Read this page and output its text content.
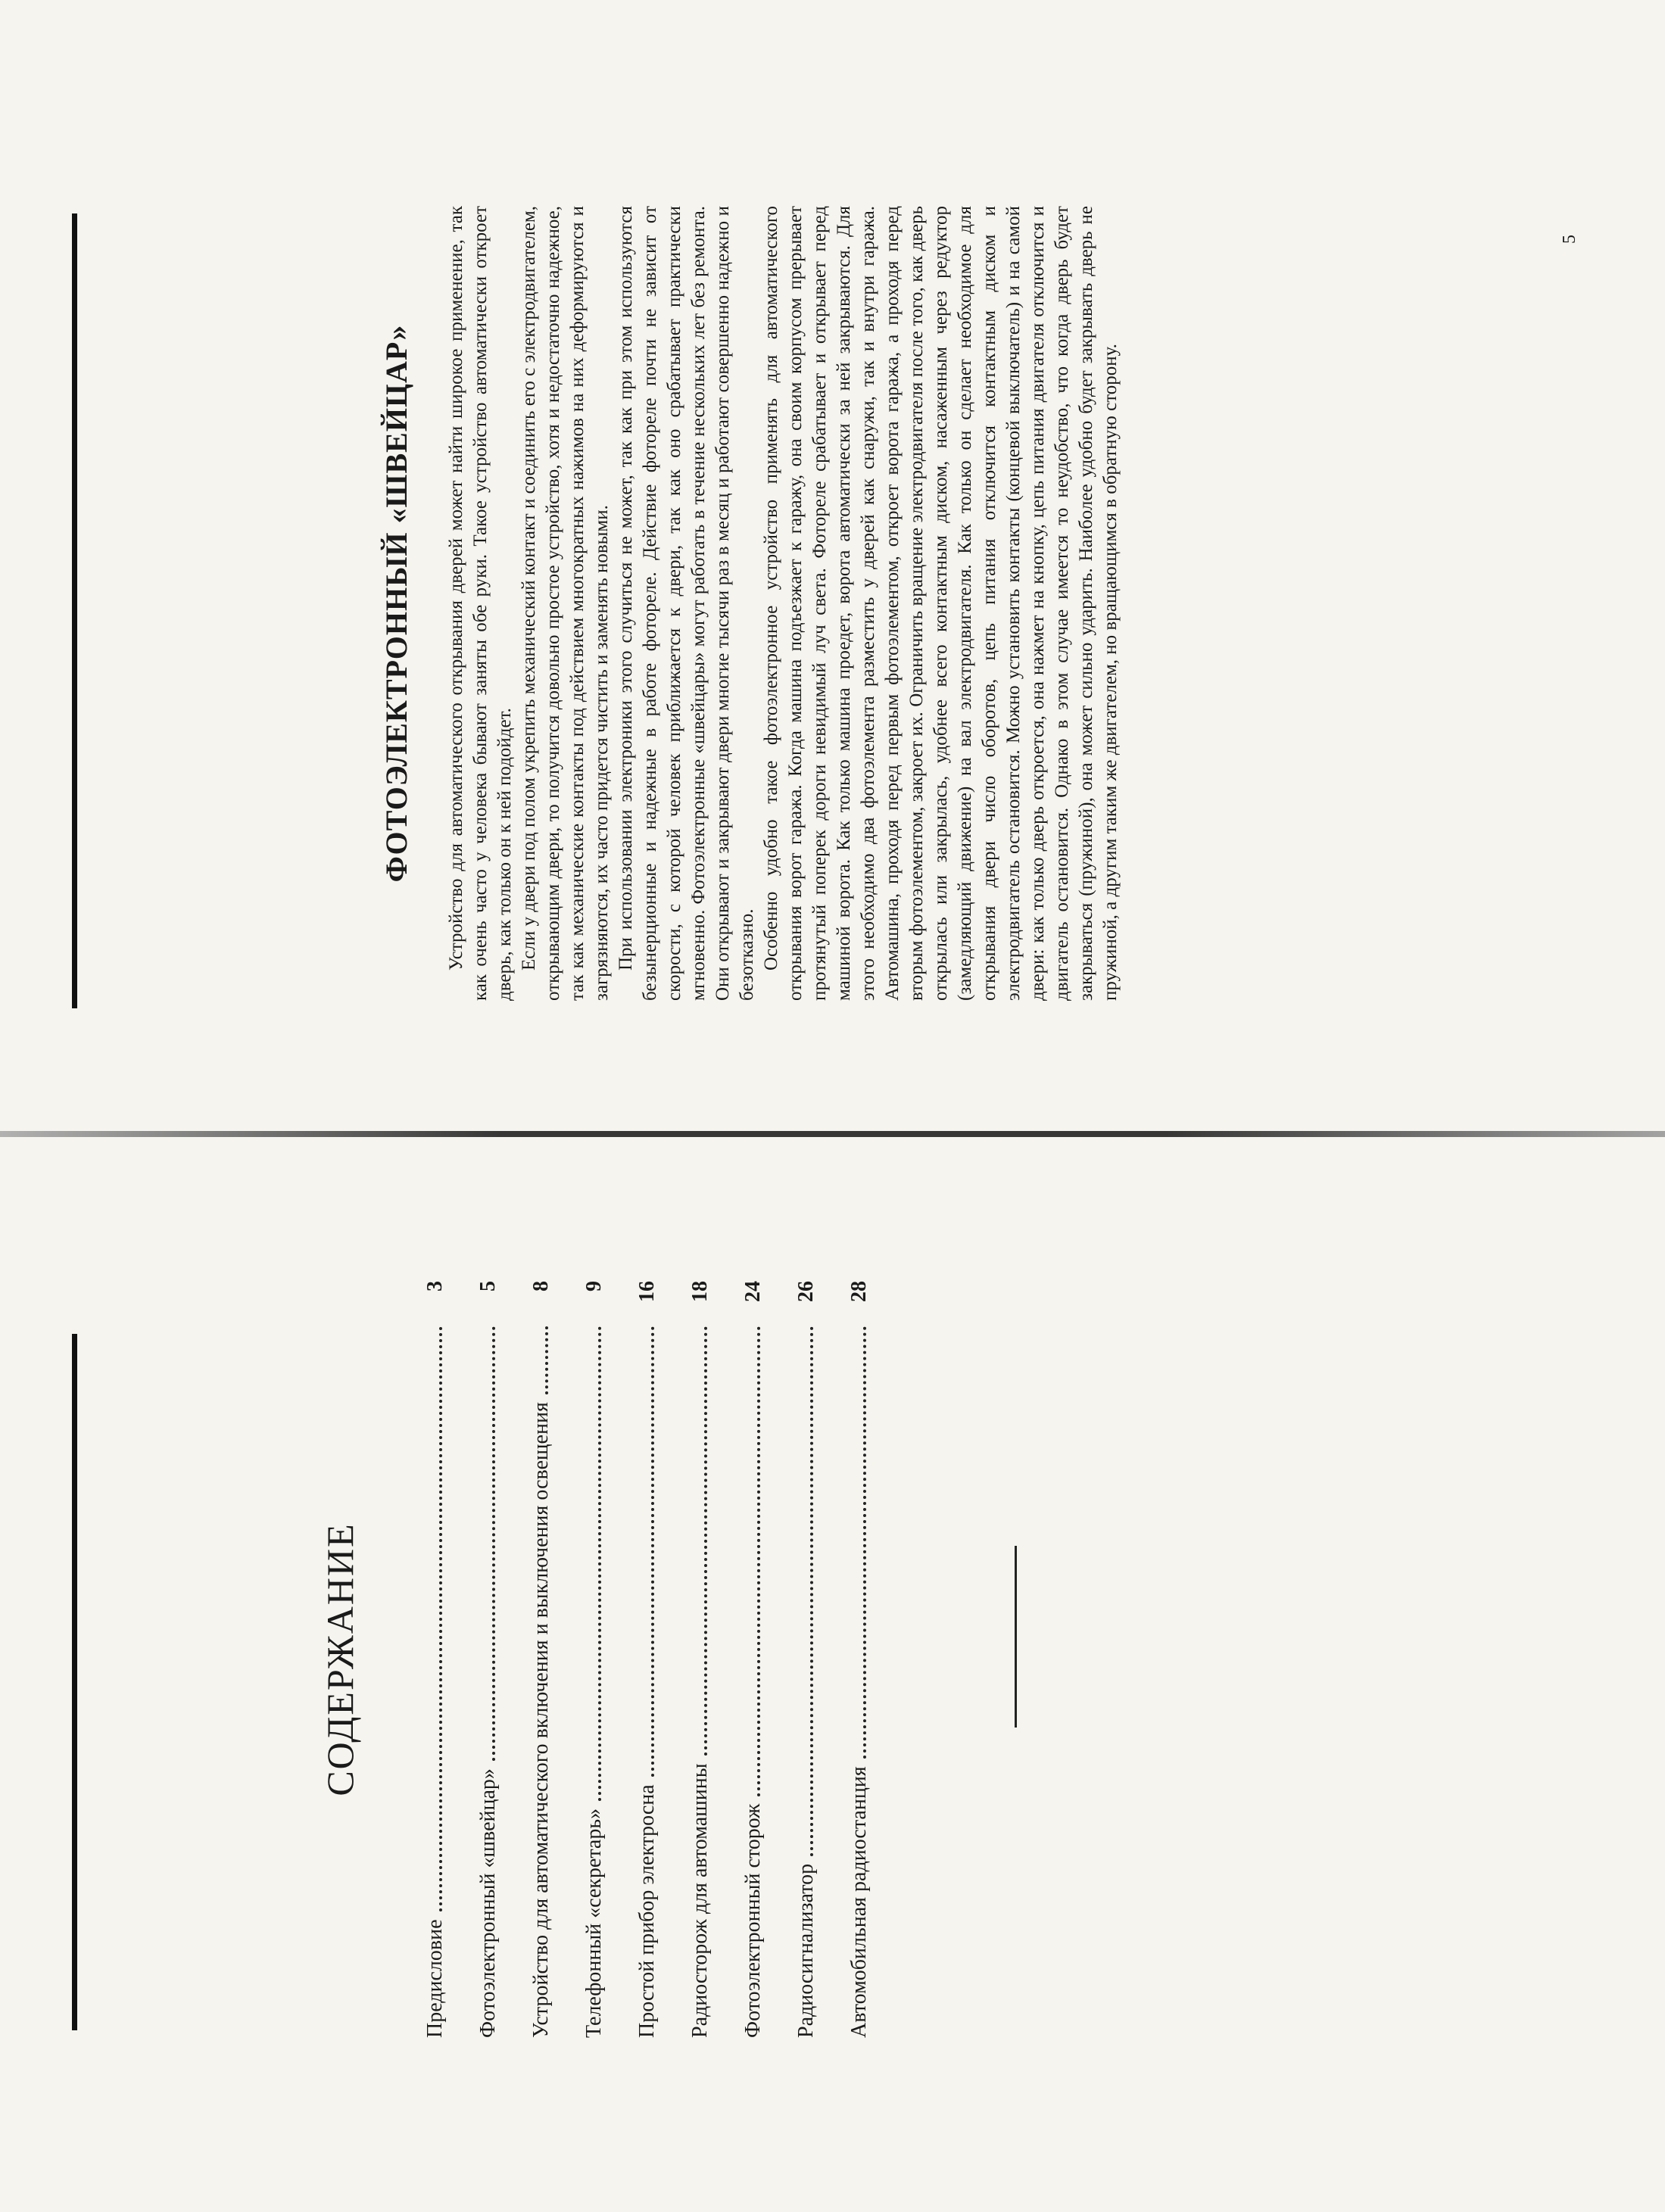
СОДЕРЖАНИЕ
Предисловие
3
Фотоэлектронный «швейцар»
5
Устройство для автоматического включения и выключения освещения
8
Телефонный «секретарь»
9
Простой прибор электросна
16
Радиосторож для автомашины
18
Фотоэлектронный сторож
24
Радиосигнализатор
26
Автомобильная радиостанция
28
ФОТОЭЛЕКТРОННЫЙ «ШВЕЙЦАР» Устройство для автоматического открывания дверей может найти широкое применение, так как очень часто у человека бывают заняты обе руки. Такое устройство автоматически откроет дверь, как только он к ней подойдет. Если у двери под полом укрепить механический контакт и соединить его с электродвигателем, открывающим двери, то получится довольно простое устройство, хотя и недостаточно надежное, так как механические контакты под действием многократных нажимов на них деформируются и загрязняются, их часто придется чистить и заменять новыми. При использовании электроники этого случиться не может, так как при этом используются безынерционные и надежные в работе фотореле. Действие фотореле почти не зависит от скорости, с которой человек приближается к двери, так как оно срабатывает практически мгновенно. Фотоэлектронные «швейцары» могут работать в течение нескольких лет без ремонта. Они открывают и закрывают двери многие тысячи раз в месяц и работают совершенно надежно и безотказно. Особенно удобно такое фотоэлектронное устройство применять для автоматического открывания ворот гаража. Когда машина подъезжает к гаражу, она своим корпусом прерывает протянутый поперек дороги невидимый луч света. Фотореле срабатывает и открывает перед машиной ворота. Как только машина проедет, ворота автоматически за ней закрываются. Для этого необходимо два фотоэлемента разместить у дверей как снаружи, так и внутри гаража. Автомашина, проходя перед первым фотоэлементом, откроет ворота гаража, а проходя перед вторым фотоэлементом, закроет их. Ограничить вращение электродвигателя после того, как дверь открылась или закрылась, удобнее всего контактным диском, насаженным через редуктор (замедляющий движение) на вал электродвигателя. Как только он сделает необходимое для открывания двери число оборотов, цепь питания отключится контактным диском и электродвигатель остановится. Можно установить контакты (концевой выключатель) и на самой двери: как только дверь откроется, она нажмет на кнопку, цепь питания двигателя отключится и двигатель остановится. Однако в этом случае имеется то неудобство, что когда дверь будет закрываться (пружиной), она может сильно ударить. Наиболее удобно будет закрывать дверь не пружиной, а другим таким же двигателем, но вращающимся в обратную сторону.

5
